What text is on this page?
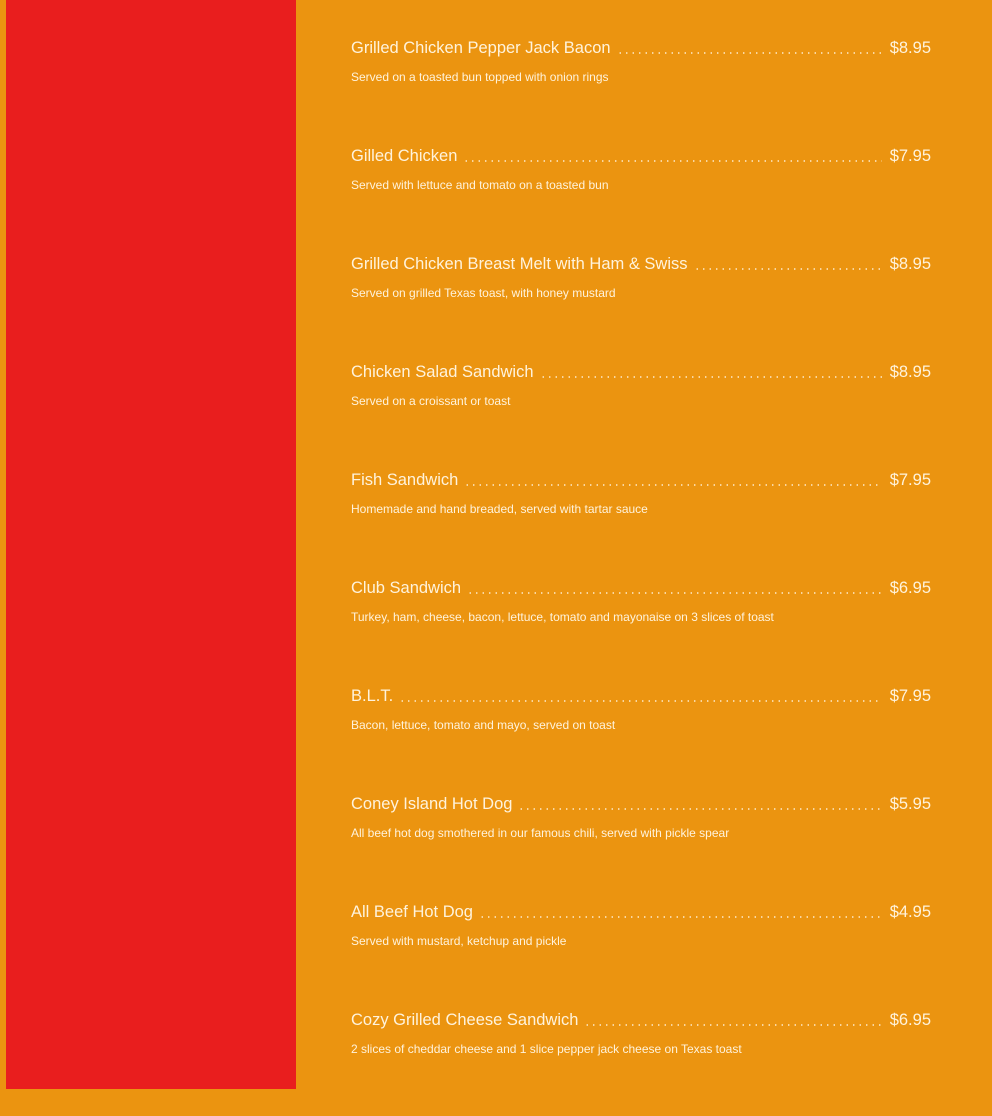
Grilled Chicken Pepper Jack Bacon	$8.95
Served on a toasted bun topped with onion rings
Gilled Chicken	$7.95
Served with lettuce and tomato on a toasted bun
Grilled Chicken Breast Melt with Ham & Swiss	$8.95
Served on grilled Texas toast, with honey mustard
Chicken Salad Sandwich	$8.95
Served on a croissant or toast
Fish Sandwich	$7.95
Homemade and hand breaded, served with tartar sauce
Club Sandwich	$6.95
Turkey, ham, cheese, bacon, lettuce, tomato and mayonaise on 3 slices of toast
B.L.T.	$7.95
Bacon, lettuce, tomato and mayo, served on toast
Coney Island Hot Dog	$5.95
All beef hot dog smothered in our famous chili, served with pickle spear
All Beef Hot Dog	$4.95
Served with mustard, ketchup and pickle
Cozy Grilled Cheese Sandwich	$6.95
2 slices of cheddar cheese and 1 slice pepper jack cheese on Texas toast
